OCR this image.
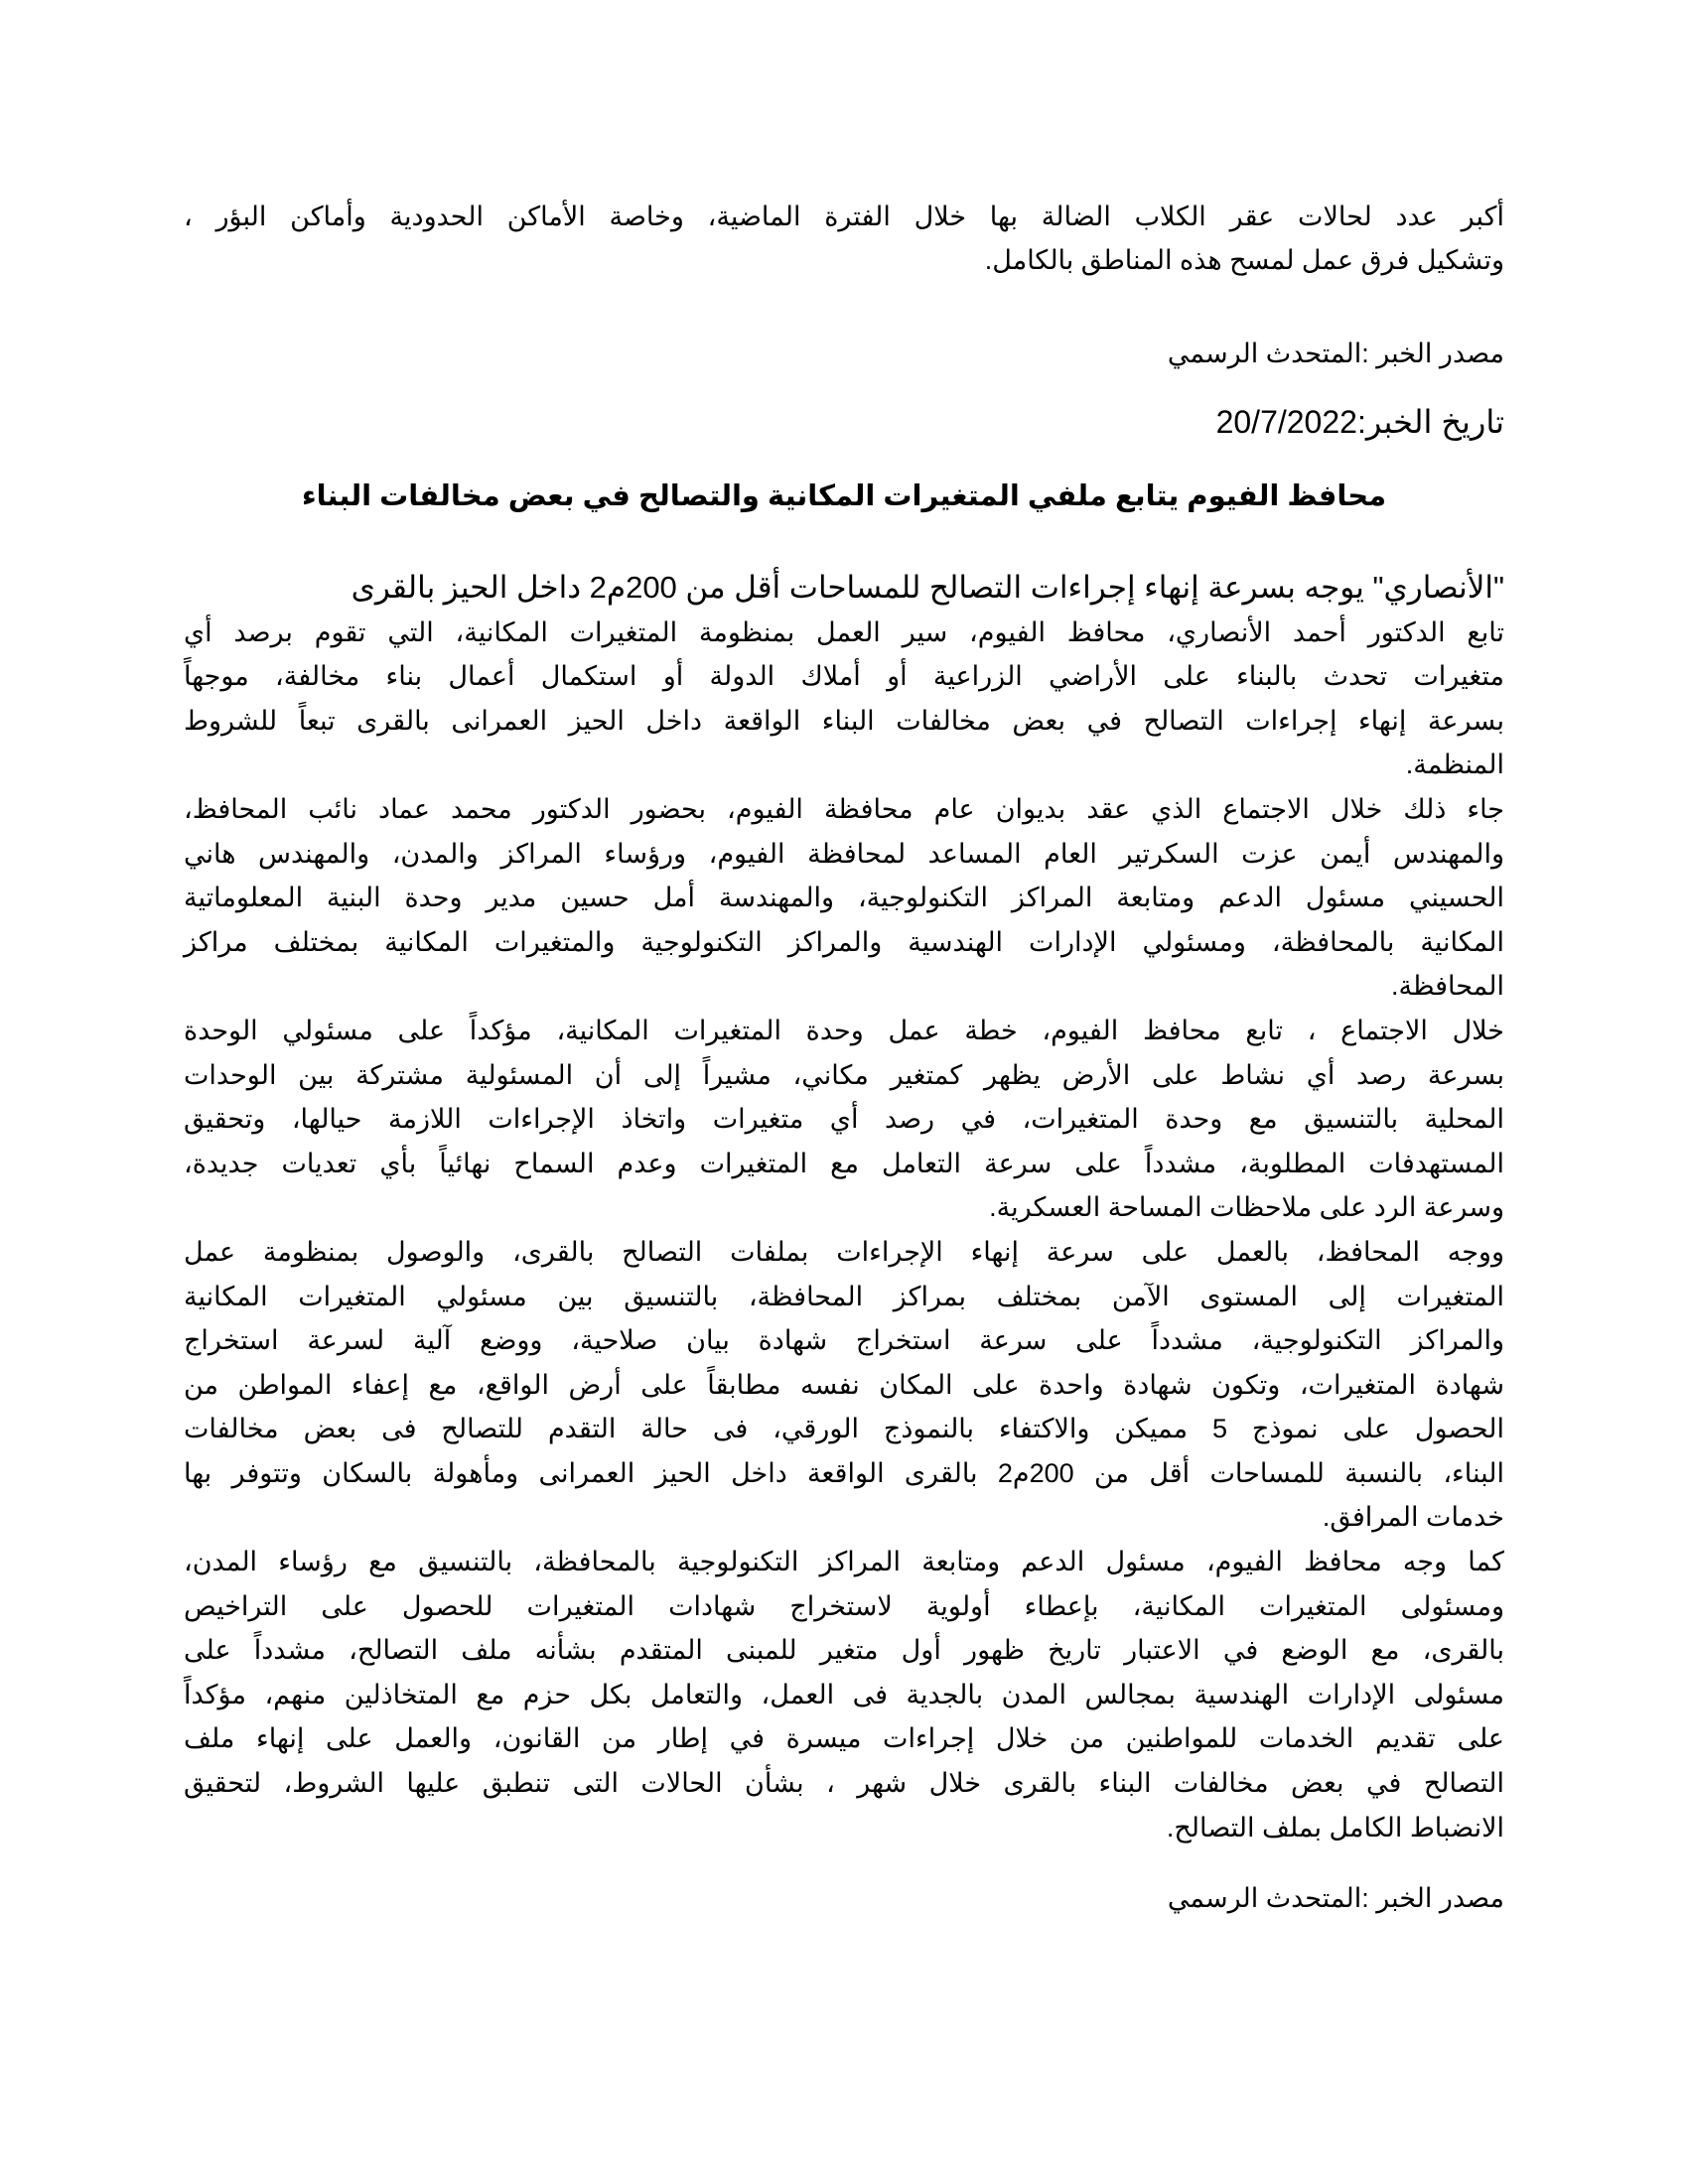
أكبر عدد لحالات عقر الكلاب الضالة بها خلال الفترة الماضية، وخاصة الأماكن الحدودية وأماكن البؤر ،
وتشكيل فرق عمل لمسح هذه المناطق بالكامل.
مصدر الخبر :المتحدث الرسمي
تاريخ الخبر:20/7/2022
محافظ الفيوم يتابع ملفي المتغيرات المكانية والتصالح في بعض مخالفات البناء
"الأنصاري" يوجه بسرعة إنهاء إجراءات التصالح للمساحات أقل من 200م2 داخل الحيز بالقرى
تابع الدكتور أحمد الأنصاري، محافظ الفيوم، سير العمل بمنظومة المتغيرات المكانية، التي تقوم برصد أي
متغيرات تحدث بالبناء على الأراضي الزراعية أو أملاك الدولة أو استكمال أعمال بناء مخالفة، موجهاً
بسرعة إنهاء إجراءات التصالح في بعض مخالفات البناء الواقعة داخل الحيز العمرانى بالقرى تبعاً للشروط
المنظمة.
جاء ذلك خلال الاجتماع الذي عقد بديوان عام محافظة الفيوم، بحضور الدكتور محمد عماد نائب المحافظ،
والمهندس أيمن عزت السكرتير العام المساعد لمحافظة الفيوم، ورؤساء المراكز والمدن، والمهندس هاني
الحسيني مسئول الدعم ومتابعة المراكز التكنولوجية، والمهندسة أمل حسين مدير وحدة البنية المعلوماتية
المكانية بالمحافظة، ومسئولي الإدارات الهندسية والمراكز التكنولوجية والمتغيرات المكانية بمختلف مراكز
المحافظة.
خلال الاجتماع ، تابع محافظ الفيوم، خطة عمل وحدة المتغيرات المكانية، مؤكداً على مسئولي الوحدة
بسرعة رصد أي نشاط على الأرض يظهر كمتغير مكاني، مشيراً إلى أن المسئولية مشتركة بين الوحدات
المحلية بالتنسيق مع وحدة المتغيرات، في رصد أي متغيرات واتخاذ الإجراءات اللازمة حيالها، وتحقيق
المستهدفات المطلوبة، مشدداً على سرعة التعامل مع المتغيرات وعدم السماح نهائياً بأي تعديات جديدة،
وسرعة الرد على ملاحظات المساحة العسكرية.
ووجه المحافظ، بالعمل على سرعة إنهاء الإجراءات بملفات التصالح بالقرى، والوصول بمنظومة عمل
المتغيرات إلى المستوى الآمن بمختلف بمراكز المحافظة، بالتنسيق بين مسئولي المتغيرات المكانية
والمراكز التكنولوجية، مشدداً على سرعة استخراج شهادة بيان صلاحية، ووضع آلية لسرعة استخراج
شهادة المتغيرات، وتكون شهادة واحدة على المكان نفسه مطابقاً على أرض الواقع، مع إعفاء المواطن من
الحصول على نموذج 5 مميكن والاكتفاء بالنموذج الورقي، فى حالة التقدم للتصالح فى بعض مخالفات
البناء، بالنسبة للمساحات أقل من 200م2 بالقرى الواقعة داخل الحيز العمرانى ومأهولة بالسكان وتتوفر بها
خدمات المرافق.
كما وجه محافظ الفيوم، مسئول الدعم ومتابعة المراكز التكنولوجية بالمحافظة، بالتنسيق مع رؤساء المدن،
ومسئولى المتغيرات المكانية، بإعطاء أولوية لاستخراج شهادات المتغيرات للحصول على التراخيص
بالقرى، مع الوضع في الاعتبار تاريخ ظهور أول متغير للمبنى المتقدم بشأنه ملف التصالح، مشدداً على
مسئولى الإدارات الهندسية بمجالس المدن بالجدية فى العمل، والتعامل بكل حزم مع المتخاذلين منهم، مؤكداً
على تقديم الخدمات للمواطنين من خلال إجراءات ميسرة في إطار من القانون، والعمل على إنهاء ملف
التصالح في بعض مخالفات البناء بالقرى خلال شهر ، بشأن الحالات التى تنطبق عليها الشروط، لتحقيق
الانضباط الكامل بملف التصالح.
مصدر الخبر :المتحدث الرسمي
